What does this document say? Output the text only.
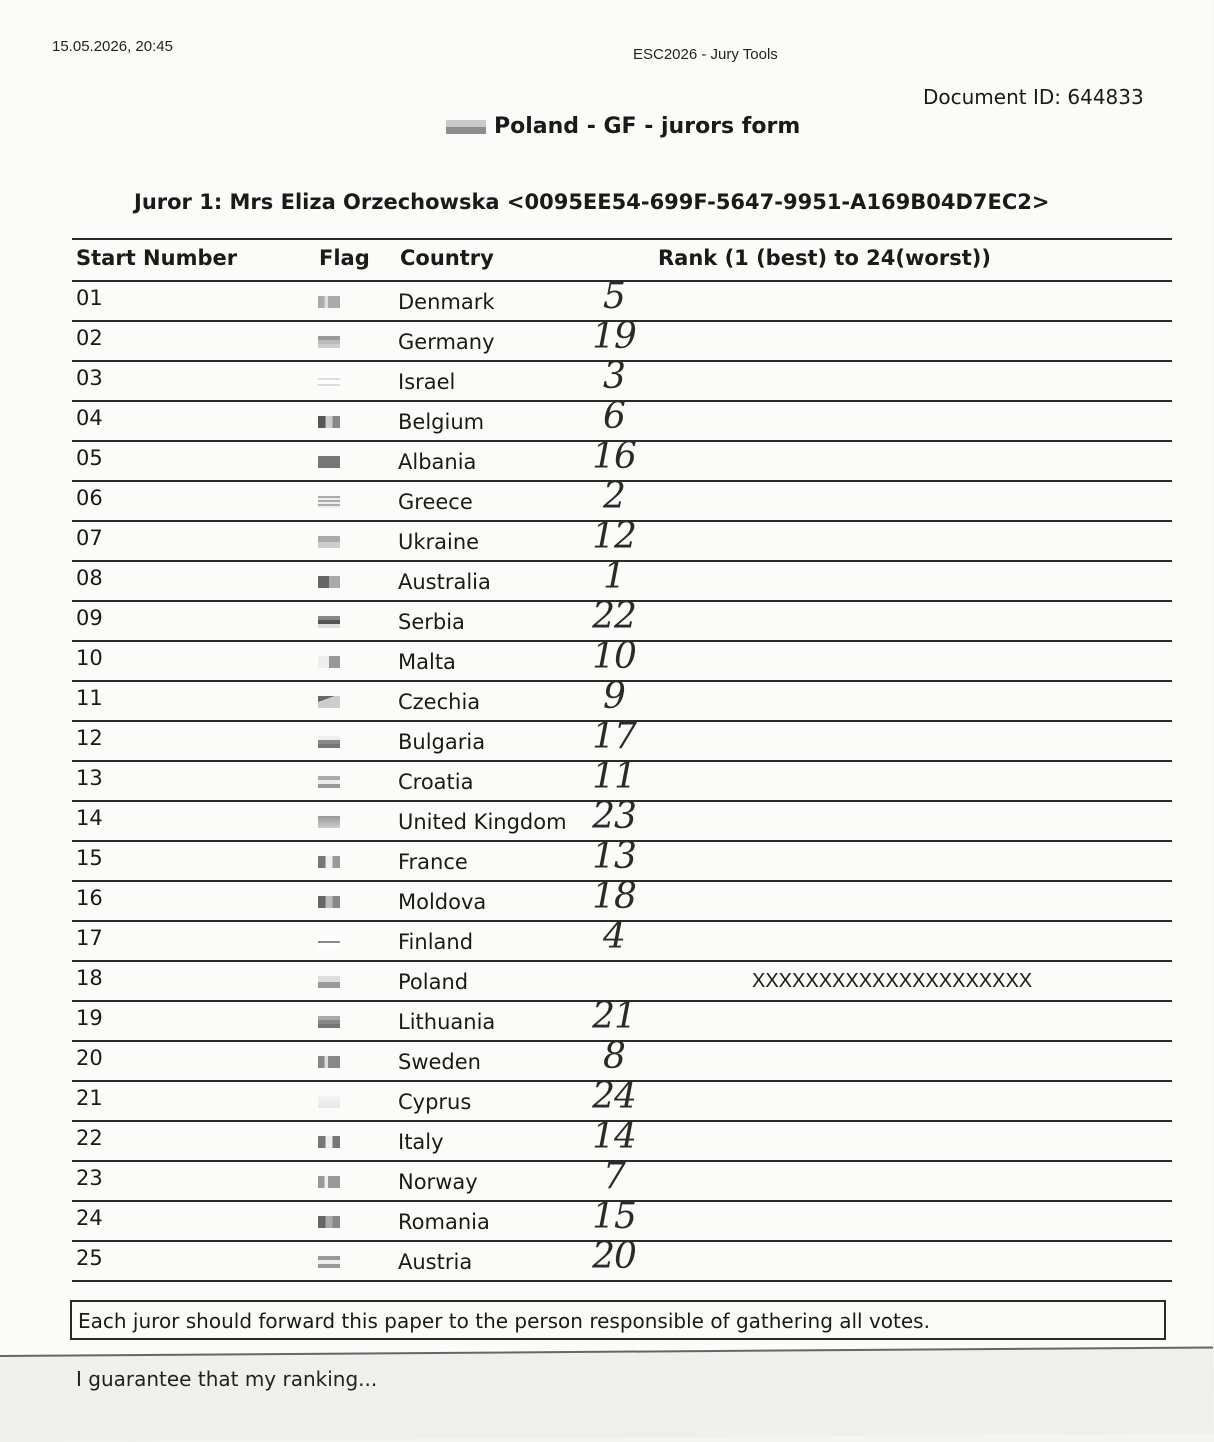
15.05.2026, 20:45	ESC2026 - Jury Tools
Document ID: 644833
Poland - GF - jurors form
Juror 1: Mrs Eliza Orzechowska <0095EE54-699F-5647-9951-A169B04D7EC2>
Start Number	Flag Country	Rank (1 (best) to 24(worst))
01	Denmark	5
02	Germany	19
03	Israel	3
04	Belgium	6
05	Albania	16
06	Greece	2
07	Ukraine	12
08	Australia	1
09	Serbia	22
10	Malta	10
11	Czechia	9
12	Bulgaria	17
13	Croatia	11
14	United Kingdom 23
15	France	13
16	Moldova	18
17	Finland	4
18	Poland	XXXXXXXXXXXXXXXXXXXXX
19	Lithuania	21
20	Sweden	8
21	Cyprus	24
22	Italy	14
23	Norway	7
24	Romania	15
25	Austria	20
Each juror should forward this paper to the person responsible of gathering all votes.
